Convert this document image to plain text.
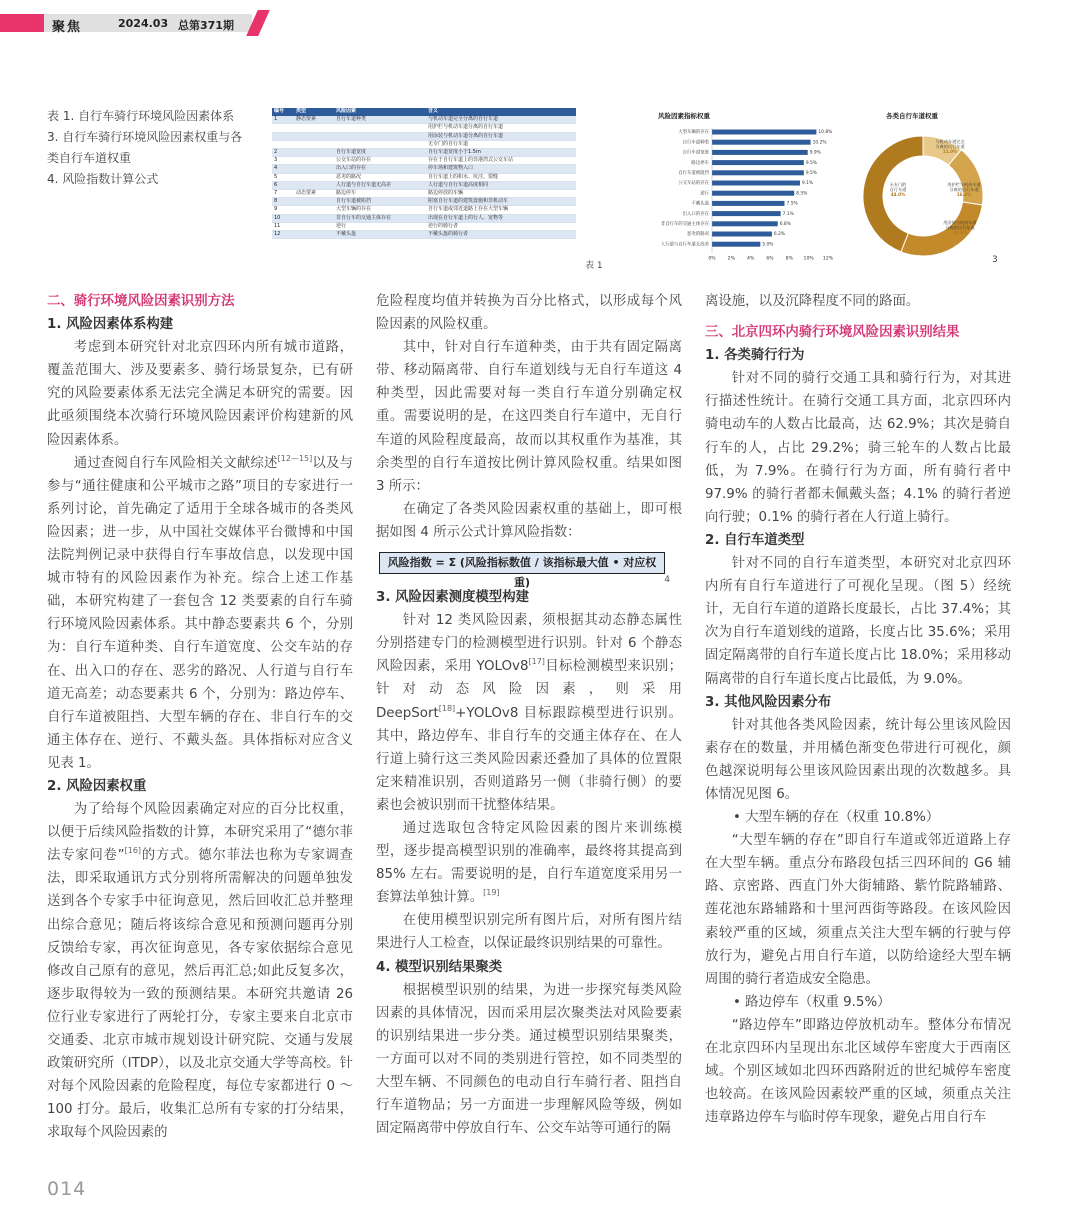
聚焦	2024.03 总第371期
表 1. 自行车骑行环境风险因素体系
3. 自行车骑行环境风险因素权重与各类自行车道权重
4. 风险指数计算公式
编号	类型	风险因素	含义
1	静态要素	自行车道种类	与机动车道完全分离的自行车道
			用护栏与机动车道分离的自行车道
			用涂装与机动车道分离的自行车道
			无专门的自行车道
2		自行车道宽度	自行车道宽度小于1.5m
3		公交车站的存在	存在于自行车道上的非港湾式公交车站
4		出入口的存在	停车场和建筑物入口
5		恶劣的路况	自行车道上的积水、坑洼、裂缝
6		人行道与自行车道无高差	人行道与自行车道高度相同
7	动态要素	路边停车	路边停放的车辆
8		自行车道被阻挡	阻塞自行车道的建筑设施和非机动车
9		大型车辆的存在	自行车道或邻近道路上存在大型车辆
10		非自行车的交通主体存在	出现在自行车道上的行人、宠物等
11		逆行	逆行的骑行者
12		不戴头盔	不戴头盔的骑行者
表 1
风险因素指标权重
大型车辆的存在	10.8%
自行车道种类	10.2%
自行车道宽度	9.9%
路边停车	9.5%
自行车道被阻挡	9.5%
公交车站的存在	9.1%
逆行	8.5%
不戴头盔	7.5%
出入口的存在	7.1%
非自行车的交通主体存在	6.8%
恶劣的路况	6.2%
人行道与自行车道无高差	5.0%
0%	2%	4%	6%	8% 10% 12%
各类自行车道权重
与机动车道完全分离的自行车道 11.0%
用护栏与机动车道分离的自行车道 16.4%
用涂装与机动车道分离的自行车道 28.6%
无专门的自行车道 44.0%
3
二、骑行环境风险因素识别方法
1. 风险因素体系构建
考虑到本研究针对北京四环内所有城市道路，覆盖范围大、涉及要素多、骑行场景复杂，已有研究的风险要素体系无法完全满足本研究的需要。因此亟须围绕本次骑行环境风险因素评价构建新的风险因素体系。
通过查阅自行车风险相关文献综述[12—15]以及与参与“通往健康和公平城市之路”项目的专家进行一系列讨论，首先确定了适用于全球各城市的各类风险因素；进一步，从中国社交媒体平台微博和中国法院判例记录中获得自行车事故信息，以发现中国城市特有的风险因素作为补充。综合上述工作基础，本研究构建了一套包含 12 类要素的自行车骑行环境风险因素体系。其中静态要素共 6 个，分别为：自行车道种类、自行车道宽度、公交车站的存在、出入口的存在、恶劣的路况、人行道与自行车道无高差；动态要素共 6 个，分别为：路边停车、自行车道被阻挡、大型车辆的存在、非自行车的交通主体存在、逆行、不戴头盔。具体指标对应含义见表 1。
2. 风险因素权重
为了给每个风险因素确定对应的百分比权重，以便于后续风险指数的计算，本研究采用了“德尔菲法专家问卷”[16]的方式。德尔菲法也称为专家调查法，即采取通讯方式分别将所需解决的问题单独发送到各个专家手中征询意见，然后回收汇总并整理出综合意见；随后将该综合意见和预测问题再分别反馈给专家，再次征询意见，各专家依据综合意见修改自己原有的意见，然后再汇总;如此反复多次，逐步取得较为一致的预测结果。本研究共邀请 26 位行业专家进行了两轮打分，专家主要来自北京市交通委、北京市城市规划设计研究院、交通与发展政策研究所（ITDP），以及北京交通大学等高校。针对每个风险因素的危险程度，每位专家都进行 0 ～ 100 打分。最后，收集汇总所有专家的打分结果，求取每个风险因素的
危险程度均值并转换为百分比格式，以形成每个风险因素的风险权重。
其中，针对自行车道种类，由于共有固定隔离带、移动隔离带、自行车道划线与无自行车道这 4 种类型，因此需要对每一类自行车道分别确定权重。需要说明的是，在这四类自行车道中，无自行车道的风险程度最高，故而以其权重作为基准，其余类型的自行车道按比例计算风险权重。结果如图 3 所示：
在确定了各类风险因素权重的基础上，即可根据如图 4 所示公式计算风险指数：
风险指数 = Σ (风险指标数值 / 该指标最大值 • 对应权重)	4
3. 风险因素测度模型构建
针对 12 类风险因素，须根据其动态静态属性分别搭建专门的检测模型进行识别。针对 6 个静态风险因素，采用 YOLOv8[17]目标检测模型来识别；针对动态风险因素，则采用 DeepSort[18]+YOLOv8 目标跟踪模型进行识别。其中，路边停车、非自行车的交通主体存在、在人行道上骑行这三类风险因素还叠加了具体的位置限定来精准识别，否则道路另一侧（非骑行侧）的要素也会被识别而干扰整体结果。
通过选取包含特定风险因素的图片来训练模型，逐步提高模型识别的准确率，最终将其提高到 85% 左右。需要说明的是，自行车道宽度采用另一套算法单独计算。[19]
在使用模型识别完所有图片后，对所有图片结果进行人工检查，以保证最终识别结果的可靠性。
4. 模型识别结果聚类
根据模型识别的结果，为进一步探究每类风险因素的具体情况，因而采用层次聚类法对风险要素的识别结果进一步分类。通过模型识别结果聚类，一方面可以对不同的类别进行管控，如不同类型的大型车辆、不同颜色的电动自行车骑行者、阻挡自行车道物品；另一方面进一步理解风险等级，例如固定隔离带中停放自行车、公交车站等可通行的隔
离设施，以及沉降程度不同的路面。
三、北京四环内骑行环境风险因素识别结果
1. 各类骑行行为
针对不同的骑行交通工具和骑行行为，对其进行描述性统计。在骑行交通工具方面，北京四环内骑电动车的人数占比最高，达 62.9%；其次是骑自行车的人，占比 29.2%；骑三轮车的人数占比最低，为 7.9%。在骑行行为方面，所有骑行者中 97.9% 的骑行者都未佩戴头盔；4.1% 的骑行者逆向行驶；0.1% 的骑行者在人行道上骑行。
2. 自行车道类型
针对不同的自行车道类型，本研究对北京四环内所有自行车道进行了可视化呈现。（图 5）经统计，无自行车道的道路长度最长，占比 37.4%；其次为自行车道划线的道路，长度占比 35.6%；采用固定隔离带的自行车道长度占比 18.0%；采用移动隔离带的自行车道长度占比最低，为 9.0%。
3. 其他风险因素分布
针对其他各类风险因素，统计每公里该风险因素存在的数量，并用橘色渐变色带进行可视化，颜色越深说明每公里该风险因素出现的次数越多。具体情况见图 6。
• 大型车辆的存在（权重 10.8%）
“大型车辆的存在”即自行车道或邻近道路上存在大型车辆。重点分布路段包括三四环间的 G6 辅路、京密路、西直门外大街辅路、紫竹院路辅路、莲花池东路辅路和十里河西街等路段。在该风险因素较严重的区域，须重点关注大型车辆的行驶与停放行为，避免占用自行车道，以防给途经大型车辆周围的骑行者造成安全隐患。
• 路边停车（权重 9.5%）
“路边停车”即路边停放机动车。整体分布情况在北京四环内呈现出东北区域停车密度大于西南区域。个别区域如北四环西路附近的世纪城停车密度也较高。在该风险因素较严重的区域，须重点关注违章路边停车与临时停车现象，避免占用自行车
014
